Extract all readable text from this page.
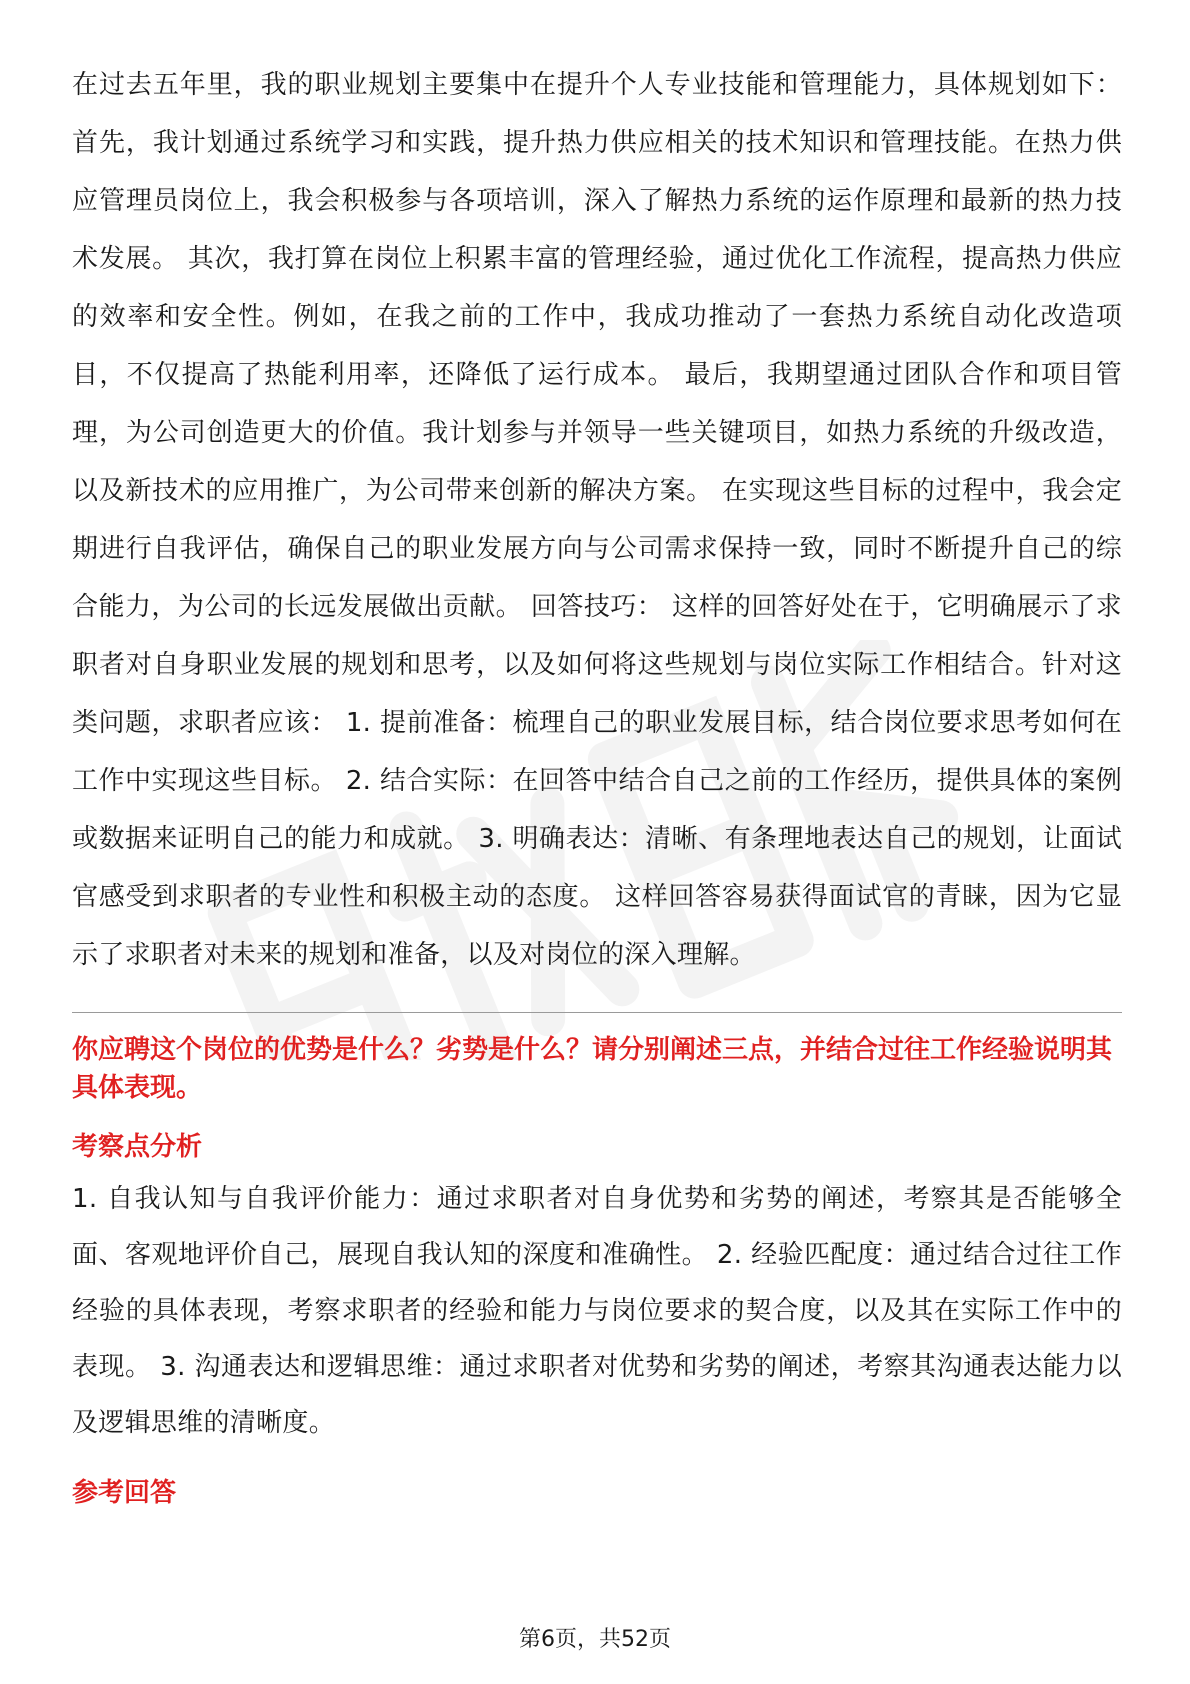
在过去五年里，我的职业规划主要集中在提升个人专业技能和管理能力，具体规划如下： 首先，我计划通过系统学习和实践，提升热力供应相关的技术知识和管理技能。在热力供应管理员岗位上，我会积极参与各项培训，深入了解热力系统的运作原理和最新的热力技术发展。 其次，我打算在岗位上积累丰富的管理经验，通过优化工作流程，提高热力供应的效率和安全性。例如，在我之前的工作中，我成功推动了一套热力系统自动化改造项目，不仅提高了热能利用率，还降低了运行成本。 最后，我期望通过团队合作和项目管理，为公司创造更大的价值。我计划参与并领导一些关键项目，如热力系统的升级改造，以及新技术的应用推广，为公司带来创新的解决方案。 在实现这些目标的过程中，我会定期进行自我评估，确保自己的职业发展方向与公司需求保持一致，同时不断提升自己的综合能力，为公司的长远发展做出贡献。 回答技巧： 这样的回答好处在于，它明确展示了求职者对自身职业发展的规划和思考，以及如何将这些规划与岗位实际工作相结合。针对这类问题，求职者应该： 1. 提前准备：梳理自己的职业发展目标，结合岗位要求思考如何在工作中实现这些目标。 2. 结合实际：在回答中结合自己之前的工作经历，提供具体的案例或数据来证明自己的能力和成就。 3. 明确表达：清晰、有条理地表达自己的规划，让面试官感受到求职者的专业性和积极主动的态度。 这样回答容易获得面试官的青睐，因为它显示了求职者对未来的规划和准备，以及对岗位的深入理解。

你应聘这个岗位的优势是什么？劣势是什么？请分别阐述三点，并结合过往工作经验说明其具体表现。

考察点分析

1. 自我认知与自我评价能力：通过求职者对自身优势和劣势的阐述，考察其是否能够全面、客观地评价自己，展现自我认知的深度和准确性。 2. 经验匹配度：通过结合过往工作经验的具体表现，考察求职者的经验和能力与岗位要求的契合度，以及其在实际工作中的表现。 3. 沟通表达和逻辑思维：通过求职者对优势和劣势的阐述，考察其沟通表达能力以及逻辑思维的清晰度。

参考回答
第6页，共52页
